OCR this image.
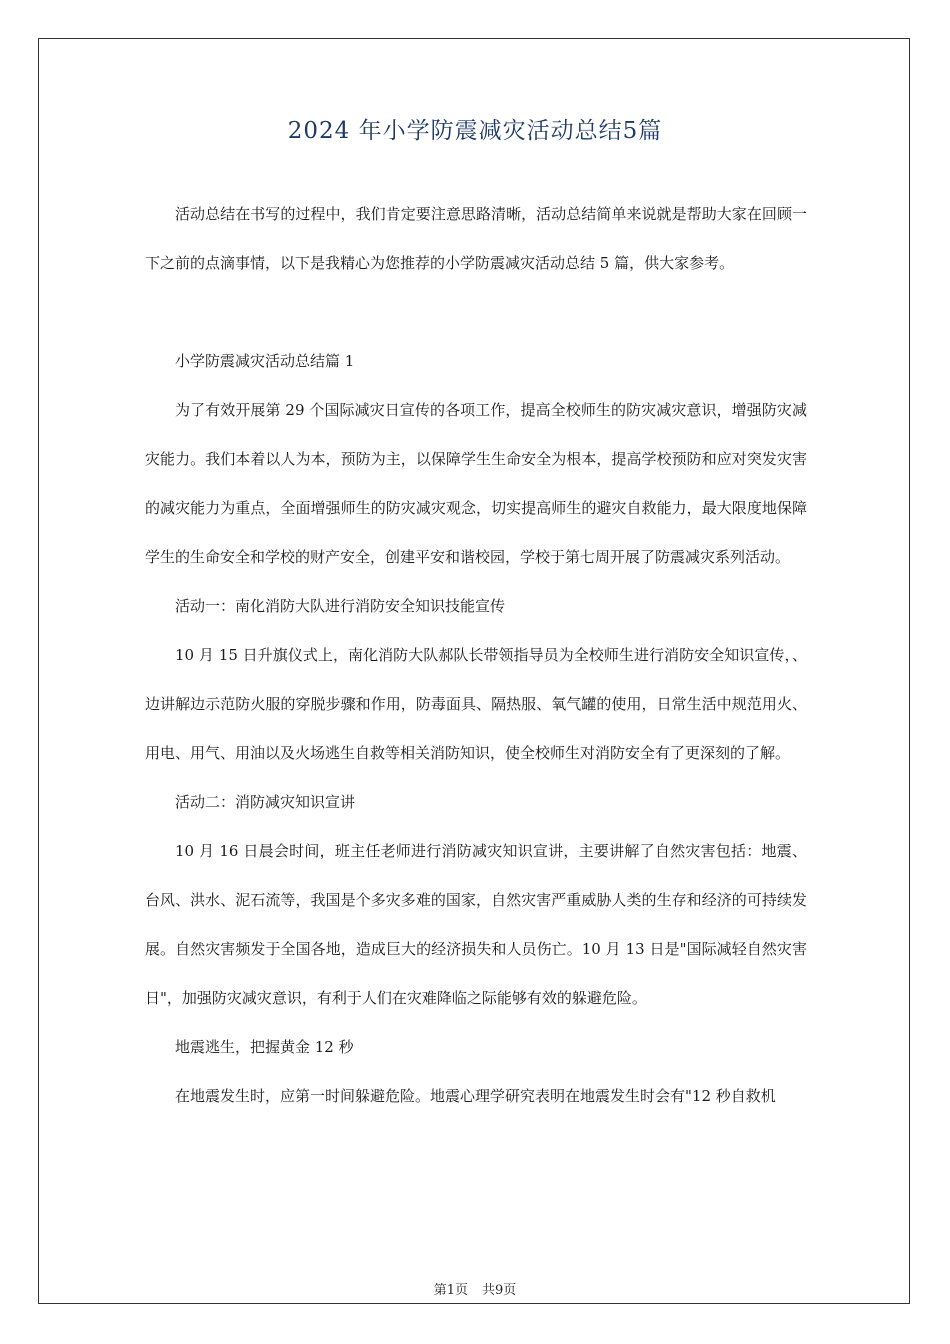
2024 年小学防震减灾活动总结5篇

活动总结在书写的过程中，我们肯定要注意思路清晰，活动总结简单来说就是帮助大家在回顾一下之前的点滴事情，以下是我精心为您推荐的小学防震减灾活动总结 5 篇，供大家参考。

小学防震减灾活动总结篇 1

为了有效开展第 29 个国际减灾日宣传的各项工作，提高全校师生的防灾减灾意识，增强防灾减灾能力。我们本着以人为本，预防为主，以保障学生生命安全为根本，提高学校预防和应对突发灾害的减灾能力为重点，全面增强师生的防灾减灾观念，切实提高师生的避灾自救能力，最大限度地保障学生的生命安全和学校的财产安全，创建平安和谐校园，学校于第七周开展了防震减灾系列活动。

活动一：南化消防大队进行消防安全知识技能宣传

10 月 15 日升旗仪式上，南化消防大队郝队长带领指导员为全校师生进行消防安全知识宣传，、边讲解边示范防火服的穿脱步骤和作用，防毒面具、隔热服、氧气罐的使用，日常生活中规范用火、用电、用气、用油以及火场逃生自救等相关消防知识，使全校师生对消防安全有了更深刻的了解。

活动二：消防减灾知识宣讲

10 月 16 日晨会时间，班主任老师进行消防减灾知识宣讲，主要讲解了自然灾害包括：地震、台风、洪水、泥石流等，我国是个多灾多难的国家，自然灾害严重威胁人类的生存和经济的可持续发展。自然灾害频发于全国各地，造成巨大的经济损失和人员伤亡。10 月 13 日是"国际减轻自然灾害日"，加强防灾减灾意识，有利于人们在灾难降临之际能够有效的躲避危险。

地震逃生，把握黄金 12 秒

在地震发生时，应第一时间躲避危险。地震心理学研究表明在地震发生时会有"12 秒自救机

第1页 共9页
